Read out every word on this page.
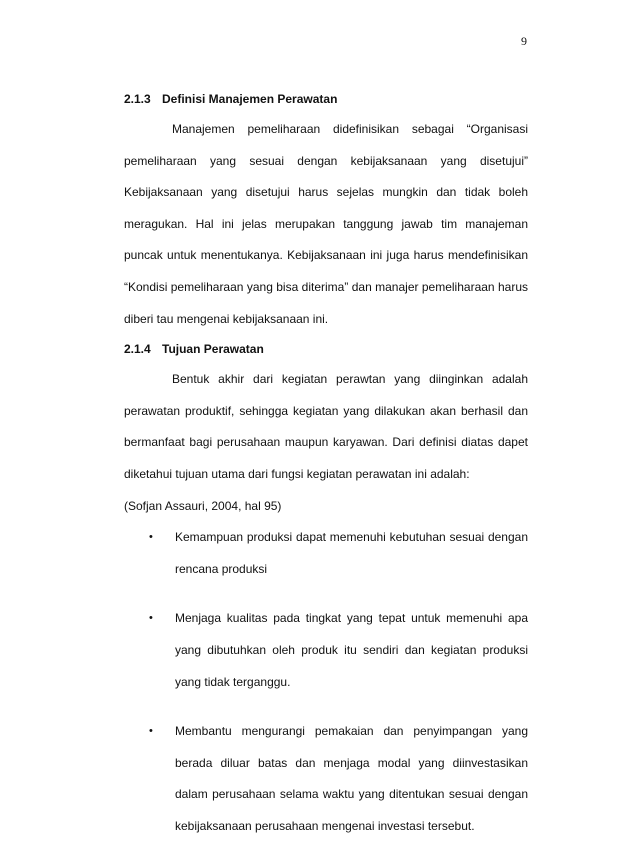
9
2.1.3 Definisi Manajemen Perawatan

Manajemen pemeliharaan didefinisikan sebagai “Organisasi pemeliharaan yang sesuai dengan kebijaksanaan yang disetujui” Kebijaksanaan yang disetujui harus sejelas mungkin dan tidak boleh meragukan. Hal ini jelas merupakan tanggung jawab tim manajeman puncak untuk menentukanya. Kebijaksanaan ini juga harus mendefinisikan “Kondisi pemeliharaan yang bisa diterima” dan manajer pemeliharaan harus diberi tau mengenai kebijaksanaan ini.

2.1.4 Tujuan Perawatan

Bentuk akhir dari kegiatan perawtan yang diinginkan adalah perawatan produktif, sehingga kegiatan yang dilakukan akan berhasil dan bermanfaat bagi perusahaan maupun karyawan. Dari definisi diatas dapet diketahui tujuan utama dari fungsi kegiatan perawatan ini adalah:

(Sofjan Assauri, 2004, hal 95)

• Kemampuan produksi dapat memenuhi kebutuhan sesuai dengan rencana produksi
• Menjaga kualitas pada tingkat yang tepat untuk memenuhi apa yang dibutuhkan oleh produk itu sendiri dan kegiatan produksi yang tidak terganggu.
• Membantu mengurangi pemakaian dan penyimpangan yang berada diluar batas dan menjaga modal yang diinvestasikan dalam perusahaan selama waktu yang ditentukan sesuai dengan kebijaksanaan perusahaan mengenai investasi tersebut.
